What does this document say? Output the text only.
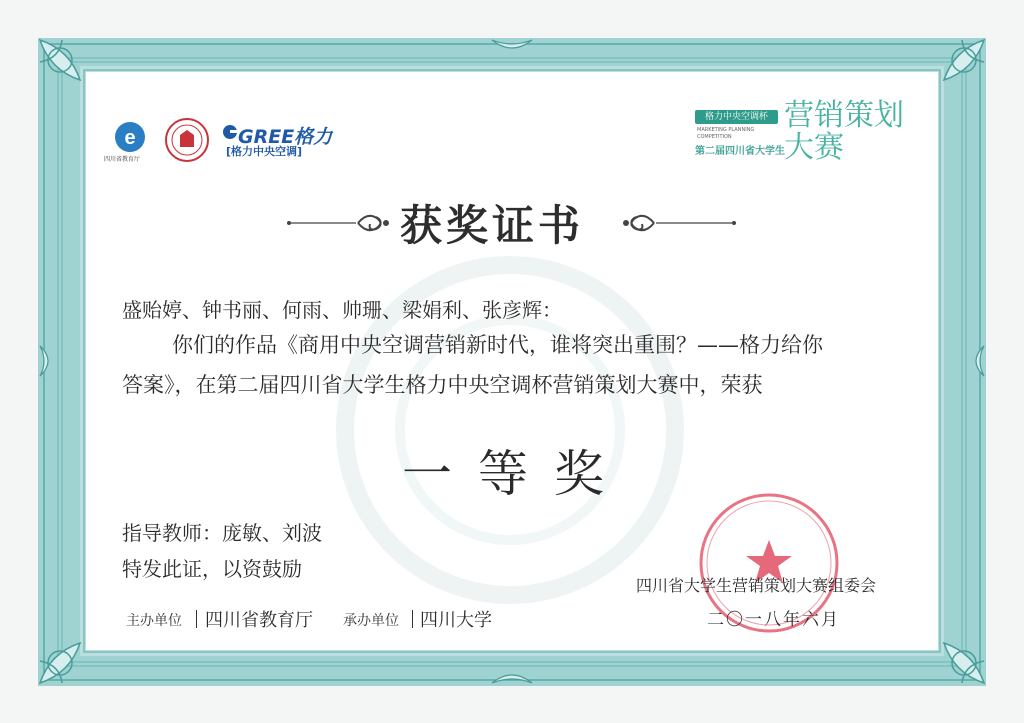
e
四川省教育厅
GREE格力
[格力中央空调]
格力中央空调杯
MARKETING PLANNING
COMPETITION
第二届四川省大学生
营销策划大赛
获奖证书
盛贻婷、钟书丽、何雨、帅珊、梁娟利、张彦辉：
你们的作品《商用中央空调营销新时代，谁将突出重围？——格力给你
答案》，在第二届四川省大学生格力中央空调杯营销策划大赛中，荣获
一等奖
指导教师：庞敏、刘波
特发此证，以资鼓励
主办单位 四川省教育厅 承办单位 四川大学
四川省大学生营销策划大赛组委会
二〇一八年六月
